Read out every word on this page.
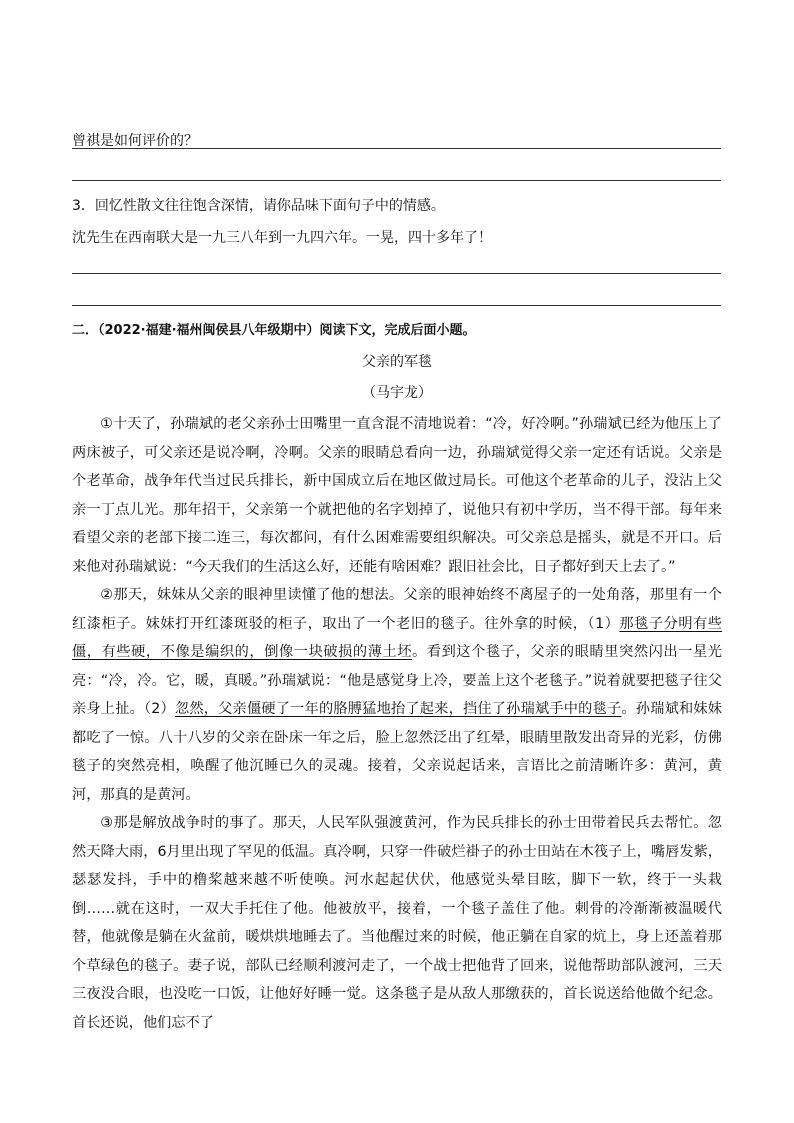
曾祺是如何评价的？
3．回忆性散文往往饱含深情，请你品味下面句子中的情感。
沈先生在西南联大是一九三八年到一九四六年。一晃，四十多年了！
二．（2022·福建·福州闽侯县八年级期中）阅读下文，完成后面小题。
父亲的军毯
（马宇龙）
①十天了，孙瑞斌的老父亲孙士田嘴里一直含混不清地说着：“冷，好冷啊。”孙瑞斌已经为他压上了两床被子，可父亲还是说冷啊，冷啊。父亲的眼睛总看向一边，孙瑞斌觉得父亲一定还有话说。父亲是个老革命，战争年代当过民兵排长，新中国成立后在地区做过局长。可他这个老革命的儿子，没沾上父亲一丁点儿光。那年招干，父亲第一个就把他的名字划掉了，说他只有初中学历，当不得干部。每年来看望父亲的老部下接二连三，每次都问，有什么困难需要组织解决。可父亲总是摇头，就是不开口。后来他对孙瑞斌说：“今天我们的生活这么好，还能有啥困难？跟旧社会比，日子都好到天上去了。”
②那天，妹妹从父亲的眼神里读懂了他的想法。父亲的眼神始终不离屋子的一处角落，那里有一个红漆柜子。妹妹打开红漆斑驳的柜子，取出了一个老旧的毯子。往外拿的时候，（1）那毯子分明有些僵，有些硬，不像是编织的，倒像一块破损的薄土坯。看到这个毯子，父亲的眼睛里突然闪出一星光亮：“冷，冷。它，暖，真暖。”孙瑞斌说：“他是感觉身上冷，要盖上这个老毯子。”说着就要把毯子往父亲身上扯。（2）忽然，父亲僵硬了一年的胳膊猛地抬了起来，挡住了孙瑞斌手中的毯子。孙瑞斌和妹妹都吃了一惊。八十八岁的父亲在卧床一年之后，脸上忽然泛出了红晕，眼睛里散发出奇异的光彩，仿佛毯子的突然亮相，唤醒了他沉睡已久的灵魂。接着，父亲说起话来，言语比之前清晰许多：黄河，黄河，那真的是黄河。
③那是解放战争时的事了。那天，人民军队强渡黄河，作为民兵排长的孙士田带着民兵去帮忙。忽然天降大雨，6月里出现了罕见的低温。真冷啊，只穿一件破烂褂子的孙士田站在木筏子上，嘴唇发紫，瑟瑟发抖，手中的橹桨越来越不听使唤。河水起起伏伏，他感觉头晕目眩，脚下一软，终于一头栽倒……就在这时，一双大手托住了他。他被放平，接着，一个毯子盖住了他。刺骨的冷渐渐被温暖代替，他就像是躺在火盆前，暖烘烘地睡去了。当他醒过来的时候，他正躺在自家的炕上，身上还盖着那个草绿色的毯子。妻子说，部队已经顺利渡河走了，一个战士把他背了回来，说他帮助部队渡河，三天三夜没合眼，也没吃一口饭，让他好好睡一觉。这条毯子是从敌人那缴获的，首长说送给他做个纪念。首长还说，他们忘不了
